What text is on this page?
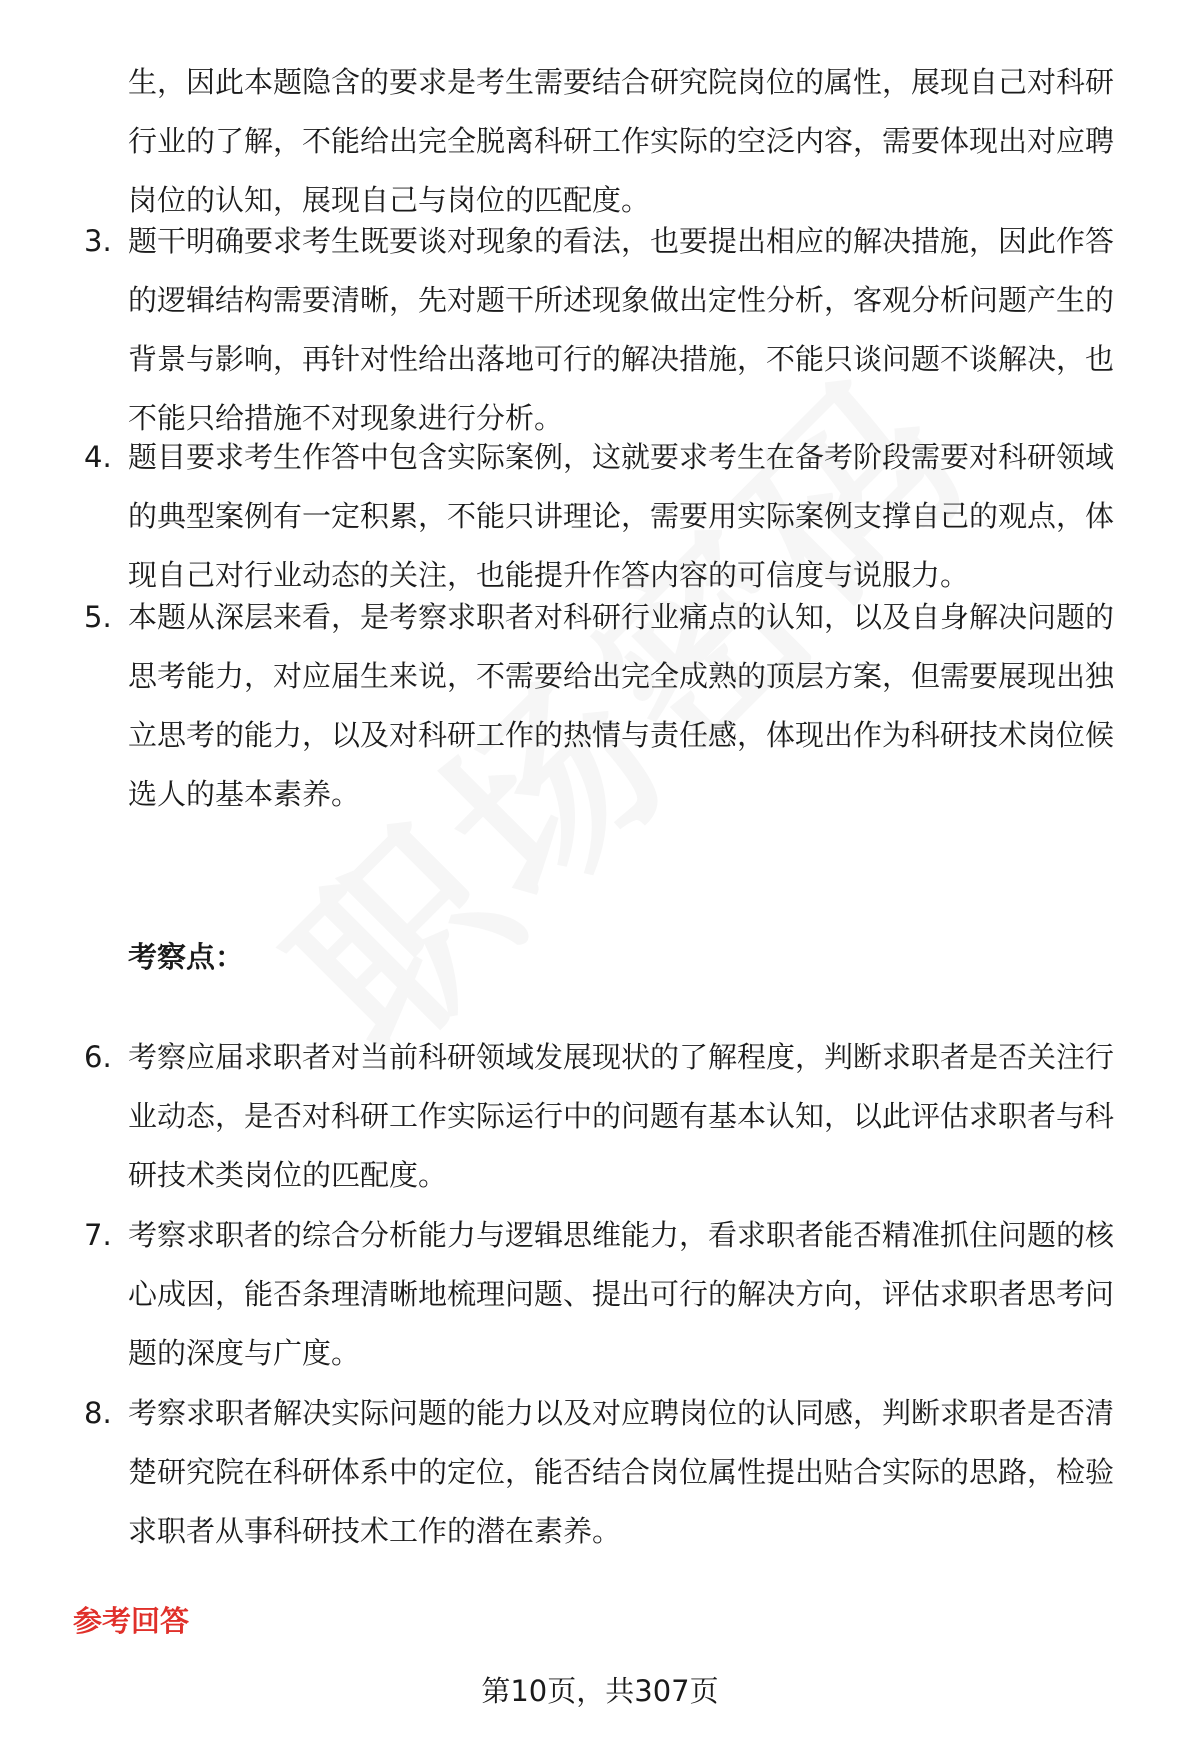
生，因此本题隐含的要求是考生需要结合研究院岗位的属性，展现自己对科研行业的了解，不能给出完全脱离科研工作实际的空泛内容，需要体现出对应聘岗位的认知，展现自己与岗位的匹配度。
3. 题干明确要求考生既要谈对现象的看法，也要提出相应的解决措施，因此作答的逻辑结构需要清晰，先对题干所述现象做出定性分析，客观分析问题产生的背景与影响，再针对性给出落地可行的解决措施，不能只谈问题不谈解决，也不能只给措施不对现象进行分析。
4. 题目要求考生作答中包含实际案例，这就要求考生在备考阶段需要对科研领域的典型案例有一定积累，不能只讲理论，需要用实际案例支撑自己的观点，体现自己对行业动态的关注，也能提升作答内容的可信度与说服力。
5. 本题从深层来看，是考察求职者对科研行业痛点的认知，以及自身解决问题的思考能力，对应届生来说，不需要给出完全成熟的顶层方案，但需要展现出独立思考的能力，以及对科研工作的热情与责任感，体现出作为科研技术岗位候选人的基本素养。
考察点：
6. 考察应届求职者对当前科研领域发展现状的了解程度，判断求职者是否关注行业动态，是否对科研工作实际运行中的问题有基本认知，以此评估求职者与科研技术类岗位的匹配度。
7. 考察求职者的综合分析能力与逻辑思维能力，看求职者能否精准抓住问题的核心成因，能否条理清晰地梳理问题、提出可行的解决方向，评估求职者思考问题的深度与广度。
8. 考察求职者解决实际问题的能力以及对应聘岗位的认同感，判断求职者是否清楚研究院在科研体系中的定位，能否结合岗位属性提出贴合实际的思路，检验求职者从事科研技术工作的潜在素养。
参考回答
第10页，共307页
